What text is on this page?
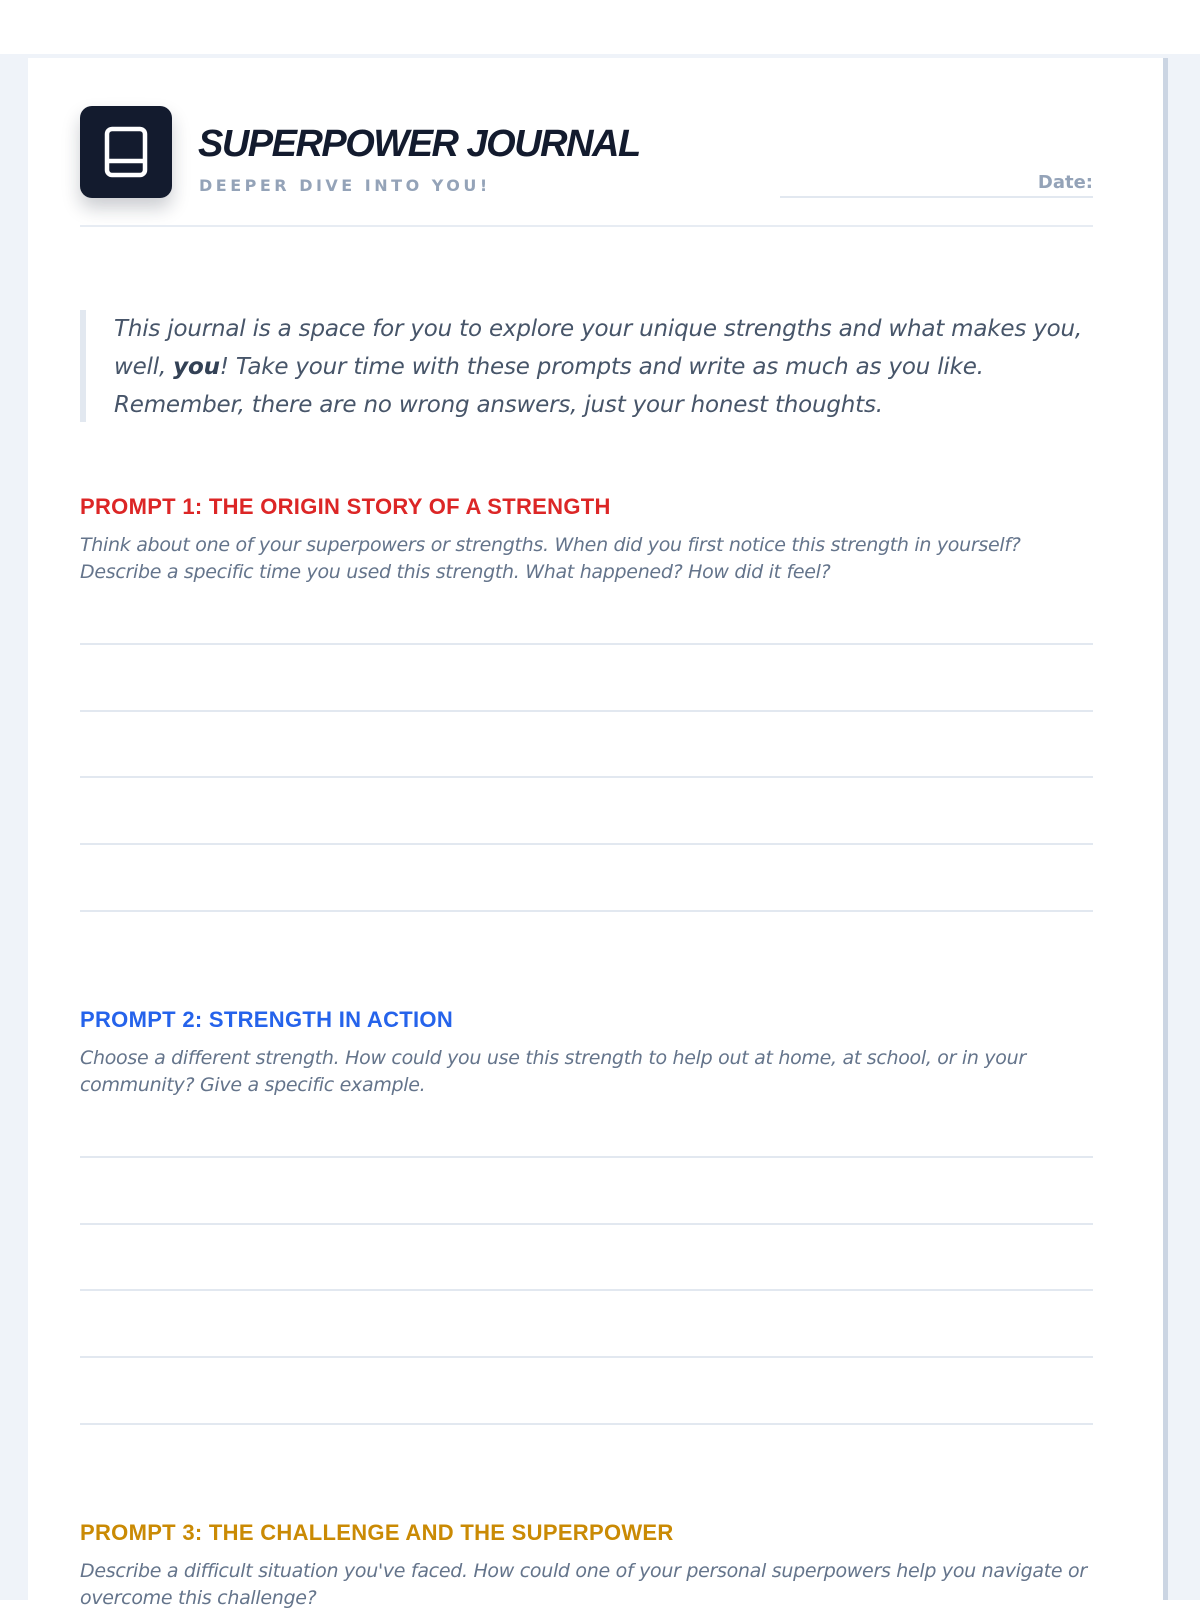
SUPERPOWER JOURNAL
DEEPER DIVE INTO YOU!	Date:
This journal is a space for you to explore your unique strengths and what makes you, well, you! Take your time with these prompts and write as much as you like. Remember, there are no wrong answers, just your honest thoughts.
PROMPT 1: THE ORIGIN STORY OF A STRENGTH

Think about one of your superpowers or strengths. When did you first notice this strength in yourself? Describe a specific time you used this strength. What happened? How did it feel?

PROMPT 2: STRENGTH IN ACTION

Choose a different strength. How could you use this strength to help out at home, at school, or in your community? Give a specific example.

PROMPT 3: THE CHALLENGE AND THE SUPERPOWER

Describe a difficult situation you've faced. How could one of your personal superpowers help you navigate or overcome this challenge?
